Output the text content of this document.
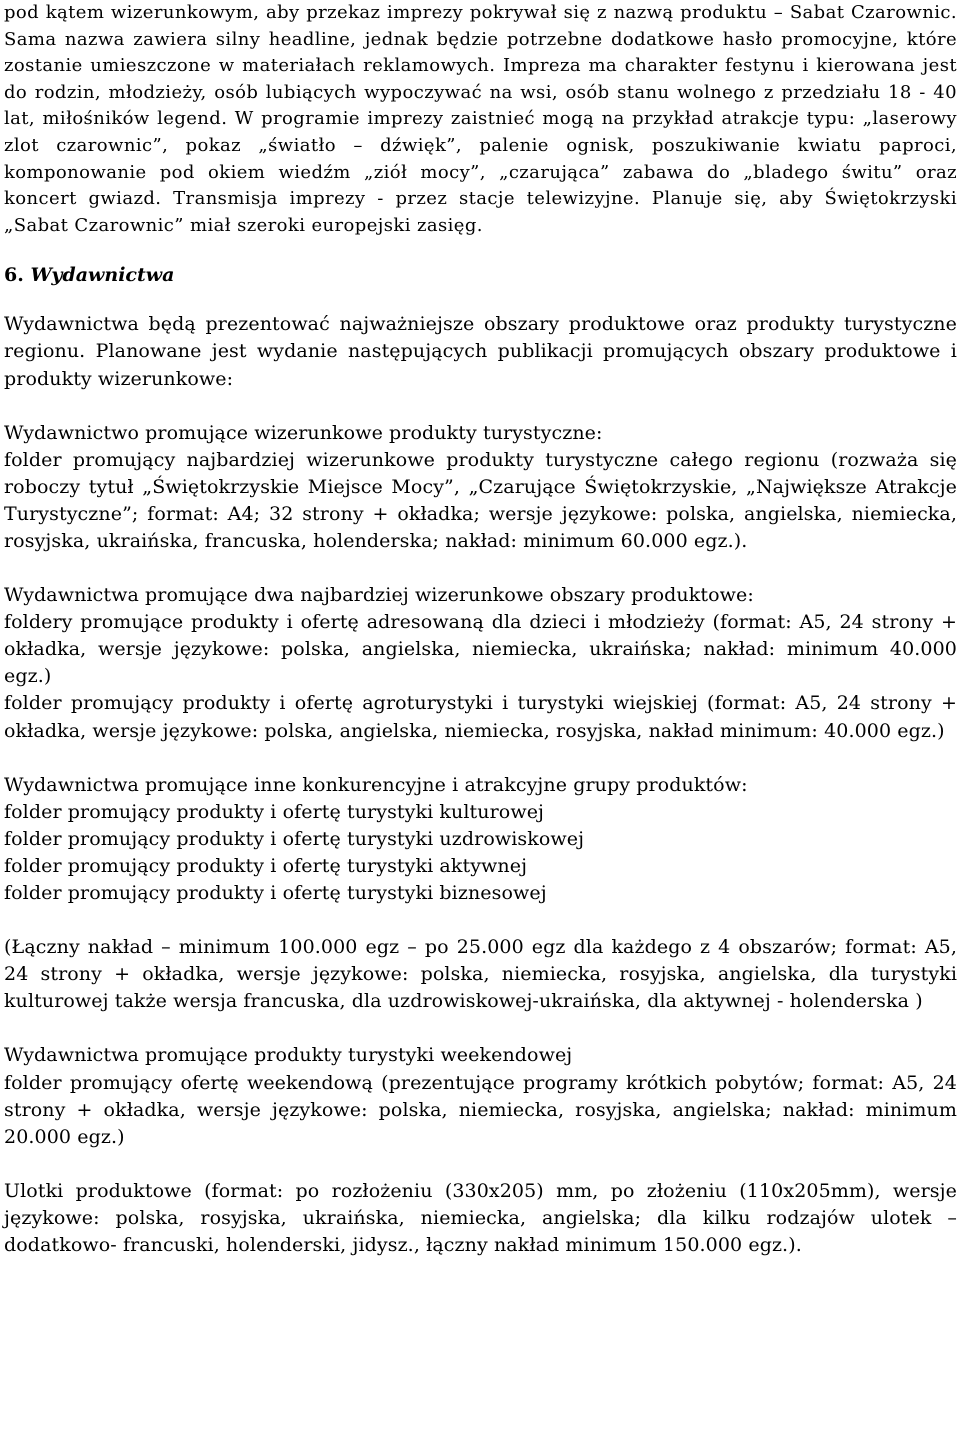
pod kątem wizerunkowym, aby przekaz imprezy pokrywał się z nazwą produktu – Sabat Czarownic. Sama nazwa zawiera silny headline, jednak będzie potrzebne dodatkowe hasło promocyjne, które zostanie umieszczone w materiałach reklamowych. Impreza ma charakter festynu i kierowana jest do rodzin, młodzieży, osób lubiących wypoczywać na wsi, osób stanu wolnego z przedziału 18 - 40 lat, miłośników legend. W programie imprezy zaistnieć mogą na przykład atrakcje typu: „laserowy zlot czarownic”, pokaz „światło – dźwięk”, palenie ognisk, poszukiwanie kwiatu paproci, komponowanie pod okiem wiedźm „ziół mocy”, „czarująca” zabawa do „bladego świtu” oraz koncert gwiazd. Transmisja imprezy - przez stacje telewizyjne. Planuje się, aby Świętokrzyski „Sabat Czarownic” miał szeroki europejski zasięg.

6. Wydawnictwa

Wydawnictwa będą prezentować najważniejsze obszary produktowe oraz produkty turystyczne regionu. Planowane jest wydanie następujących publikacji promujących obszary produktowe i produkty wizerunkowe:

Wydawnictwo promujące wizerunkowe produkty turystyczne:
folder promujący najbardziej wizerunkowe produkty turystyczne całego regionu (rozważa się roboczy tytuł „Świętokrzyskie Miejsce Mocy”, „Czarujące Świętokrzyskie, „Największe Atrakcje Turystyczne”; format: A4; 32 strony + okładka; wersje językowe: polska, angielska, niemiecka, rosyjska, ukraińska, francuska, holenderska; nakład: minimum 60.000 egz.).
Wydawnictwa promujące dwa najbardziej wizerunkowe obszary produktowe:
foldery promujące produkty i ofertę adresowaną dla dzieci i młodzieży (format: A5, 24 strony + okładka, wersje językowe: polska, angielska, niemiecka, ukraińska; nakład: minimum 40.000 egz.)
folder promujący produkty i ofertę agroturystyki i turystyki wiejskiej (format: A5, 24 strony + okładka, wersje językowe: polska, angielska, niemiecka, rosyjska, nakład minimum: 40.000 egz.)
Wydawnictwa promujące inne konkurencyjne i atrakcyjne grupy produktów:
folder promujący produkty i ofertę turystyki kulturowej
folder promujący produkty i ofertę turystyki uzdrowiskowej
folder promujący produkty i ofertę turystyki aktywnej
folder promujący produkty i ofertę turystyki biznesowej

(Łączny nakład – minimum 100.000 egz – po 25.000 egz dla każdego z 4 obszarów; format: A5, 24 strony + okładka, wersje językowe: polska, niemiecka, rosyjska, angielska, dla turystyki kulturowej także wersja francuska, dla uzdrowiskowej-ukraińska, dla aktywnej - holenderska )

Wydawnictwa promujące produkty turystyki weekendowej
folder promujący ofertę weekendową (prezentujące programy krótkich pobytów; format: A5, 24 strony + okładka, wersje językowe: polska, niemiecka, rosyjska, angielska; nakład: minimum 20.000 egz.)

Ulotki produktowe (format: po rozłożeniu (330x205) mm, po złożeniu (110x205mm), wersje językowe: polska, rosyjska, ukraińska, niemiecka, angielska; dla kilku rodzajów ulotek – dodatkowo- francuski, holenderski, jidysz., łączny nakład minimum 150.000 egz.).
